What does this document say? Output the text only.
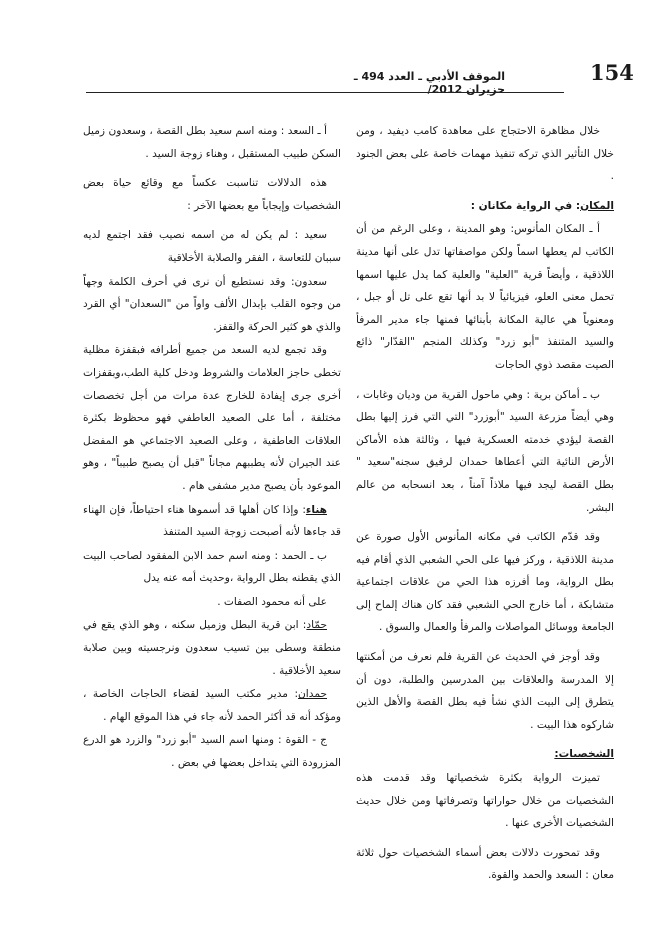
154
الموقف الأدبي ـ العدد 494 ـ حزيران 2012/

خلال مظاهرة الاحتجاج على معاهدة كامب ديفيد ، ومن خلال التأثير الذي تركه تنفيذ مهمات خاصة على بعض الجنود .

المكان: في الرواية مكانان :

أ ـ المكان المأنوس: وهو المدينة ، وعلى الرغم من أن الكاتب لم يعطها اسماً ولكن مواصفاتها تدل على أنها مدينة اللاذقية ، وأيضاً قرية "العلية" والعلية كما يدل عليها اسمها تحمل معنى العلو، فيزيائياً لا بد أنها تقع على تل أو جبل ، ومعنوياً هي عالية المكانة بأبنائها فمنها جاء مدير المرفأ والسيد المتنفذ "أبو زرد" وكذلك المنجم "القدّار" ذائع الصيت مقصد ذوي الحاجات

ب ـ أماكن برية : وهي ماحول القرية من وديان وغابات ، وهي أيضاً مزرعة السيد "أبوزرد" التي التي فرز إليها بطل القصة ليؤدي خدمته العسكرية فيها ، وثالثة هذه الأماكن الأرض النائية التي أعطاها حمدان لرفيق سجنه"سعيد " بطل القصة ليجد فيها ملاذاً آمناً ، بعد انسحابه من عالم البشر.

وقد قدّم الكاتب في مكانه المأنوس الأول صورة عن مدينة اللاذقية ، وركز فيها على الحي الشعبي الذي أقام فيه بطل الرواية، وما أفرزه هذا الحي من علاقات اجتماعية متشابكة ، أما خارج الحي الشعبي فقد كان هناك إلماح إلى الجامعة ووسائل المواصلات والمرفأ والعمال والسوق .

وقد أوجز في الحديث عن القرية فلم نعرف من أمكنتها إلا المدرسة والعلاقات بين المدرسين والطلبة، دون أن يتطرق إلى البيت الذي نشأ فيه بطل القصة والأهل الذين شاركوه هذا البيت .

الشخصيات:

تميزت الرواية بكثرة شخصياتها وقد قدمت هذه الشخصيات من خلال حواراتها وتصرفاتها ومن خلال حديث الشخصيات الأخرى عنها .

وقد تمحورت دلالات بعض أسماء الشخصيات حول ثلاثة معان : السعد والحمد والقوة.

أ ـ السعد : ومنه اسم سعيد بطل القصة ، وسعدون زميل السكن طبيب المستقبل ، وهناء زوجة السيد .

هذه الدلالات تناسبت عكساً مع وقائع حياة بعض الشخصيات وإيجاباً مع بعضها الآخر :

سعيد : لم يكن له من اسمه نصيب فقد اجتمع لديه سببان للتعاسة ، الفقر والصلابة الأخلاقية

سعدون: وقد نستطيع أن نرى في أحرف الكلمة وجهاً من وجوه القلب بإبدال الألف واواً من "السعدان" أي القرد والذي هو كثير الحركة والقفز.

وقد تجمع لديه السعد من جميع أطرافه فبقفزة مظلية تخطى حاجز العلامات والشروط ودخل كلية الطب،وبقفزات أخرى جرى إيفادة للخارج عدة مرات من أجل تخصصات مختلفة ، أما على الصعيد العاطفي فهو محظوظ بكثرة العلاقات العاطفية ، وعلى الصعيد الاجتماعي هو المفضل عند الجيران لأنه يطببهم مجاناً "قبل أن يصبح طبيباً" ، وهو الموعود بأن يصبح مدير مشفى هام .

هناء: وإذا كان أهلها قد أسموها هناء احتياطاً، فإن الهناء قد جاءها لأنه أصبحت زوجة السيد المتنفذ

ب ـ الحمد : ومنه اسم حمد الابن المفقود لصاحب البيت الذي يقطنه بطل الرواية ،وحديث أمه عنه يدل

على أنه محمود الصفات .

حمّاد: ابن قرية البطل وزميل سكنه ، وهو الذي يقع في منطقة وسطى بين تسيب سعدون ونرجسيته وبين صلابة سعيد الأخلاقية .

حمدان: مدير مكتب السيد لقضاء الحاجات الخاصة ، ومؤكد أنه قد أكثر الحمد لأنه جاء في هذا الموقع الهام .

ج - القوة : ومنها اسم السيد "أبو زرد" والزرد هو الدرع المزرودة التي يتداخل بعضها في بعض .
